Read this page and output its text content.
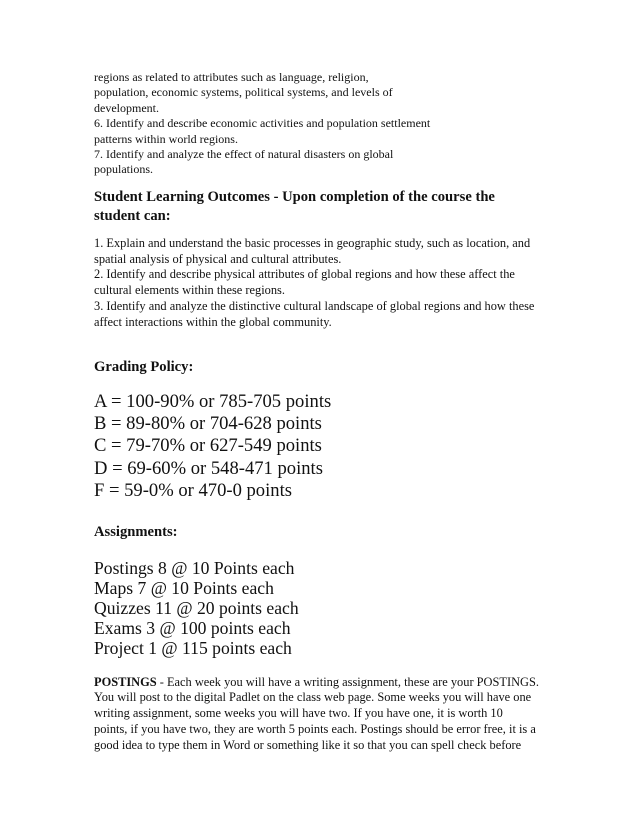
regions as related to attributes such as language, religion,

population, economic systems, political systems, and levels of

development.

6. Identify and describe economic activities and population settlement

patterns within world regions.

7. Identify and analyze the effect of natural disasters on global

populations.

Student Learning Outcomes - Upon completion of the course the student can:

1. Explain and understand the basic processes in geographic study, such as location, and

spatial analysis of physical and cultural attributes.

2. Identify and describe physical attributes of global regions and how these affect the

cultural elements within these regions.

3. Identify and analyze the distinctive cultural landscape of global regions and how these

affect interactions within the global community.

Grading Policy:

A = 100-90% or 785-705 points

B = 89-80% or 704-628 points

C = 79-70% or 627-549 points

D = 69-60% or 548-471 points

F = 59-0% or 470-0 points

Assignments:

Postings 8 @ 10 Points each

Maps 7 @ 10 Points each

Quizzes 11 @ 20 points each

Exams 3 @ 100 points each

Project 1 @ 115 points each

POSTINGS - Each week you will have a writing assignment, these are your POSTINGS.

You will post to the digital Padlet on the class web page. Some weeks you will have one

writing assignment, some weeks you will have two. If you have one, it is worth 10

points, if you have two, they are worth 5 points each. Postings should be error free, it is a

good idea to type them in Word or something like it so that you can spell check before
